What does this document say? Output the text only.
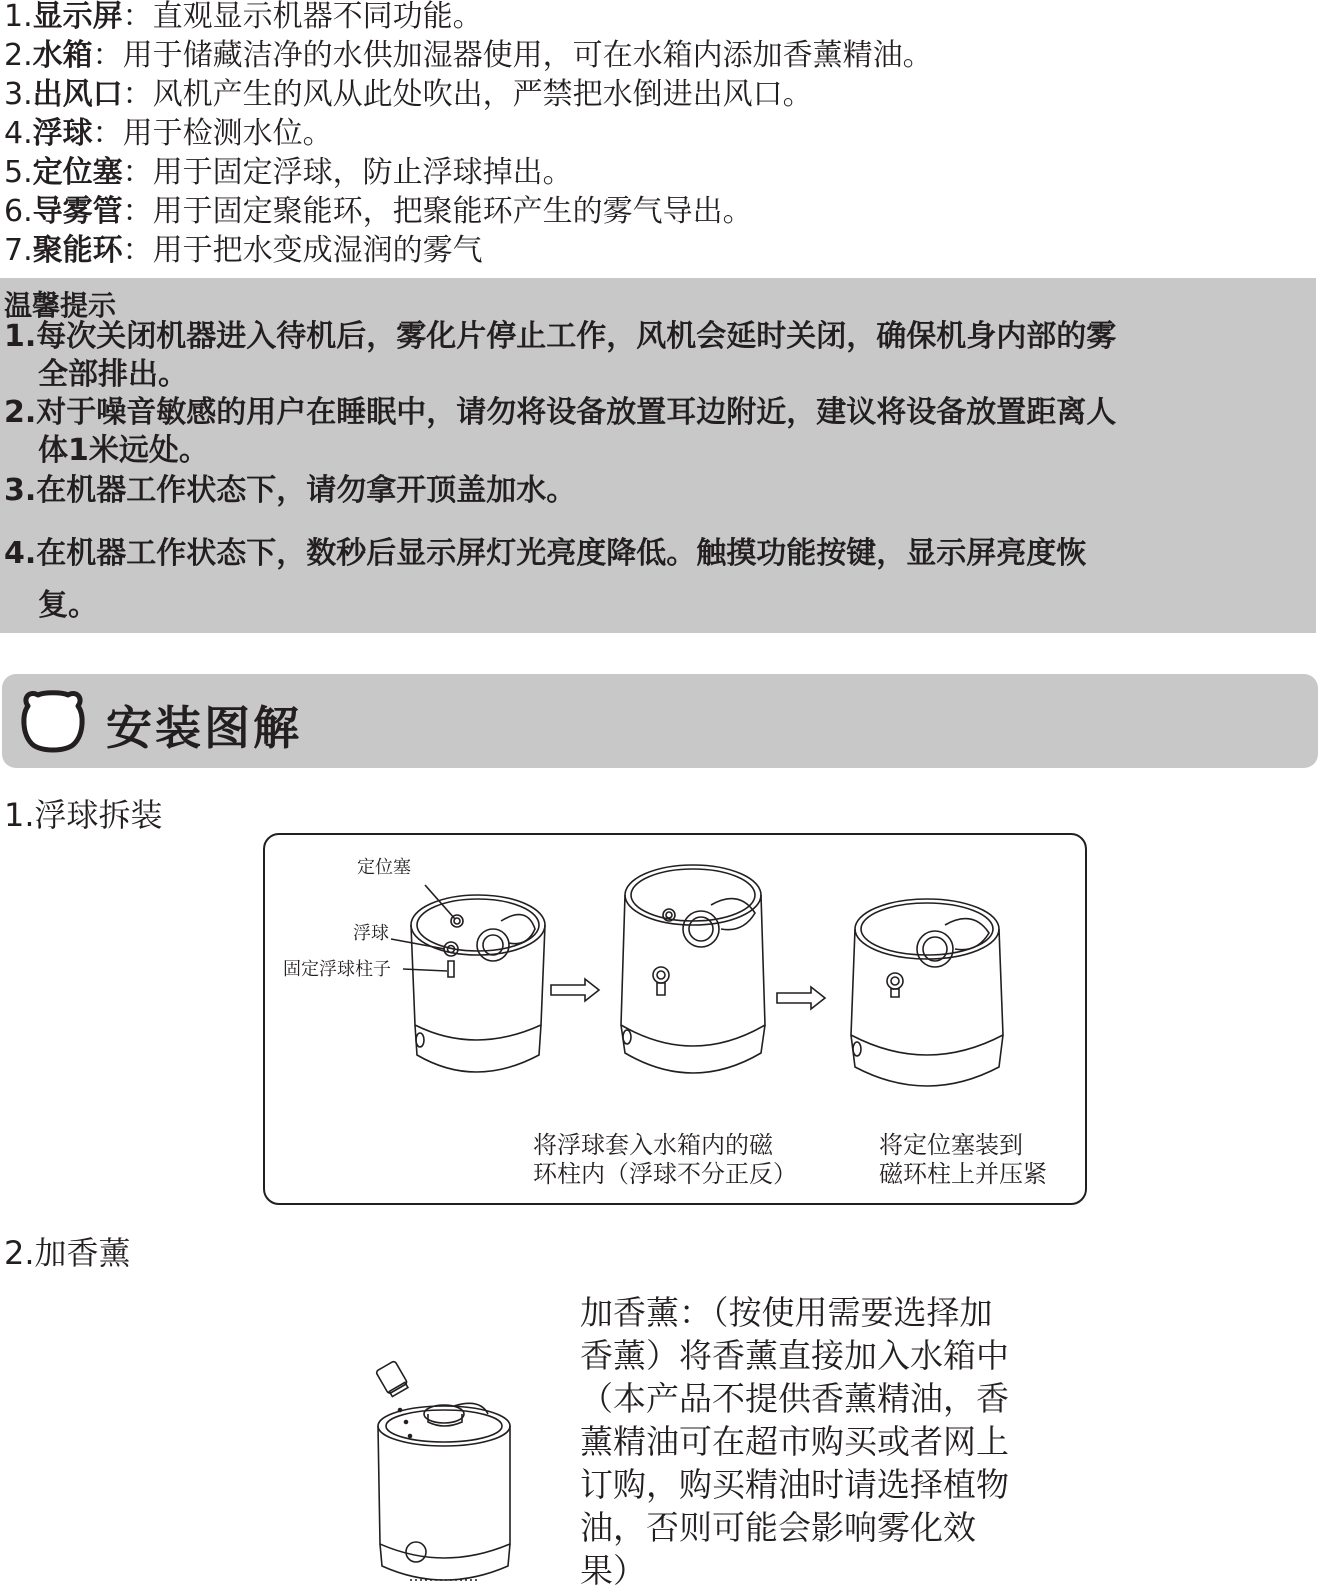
1.显示屏：直观显示机器不同功能。
2.水箱：用于储藏洁净的水供加湿器使用，可在水箱内添加香薰精油。
3.出风口：风机产生的风从此处吹出，严禁把水倒进出风口。
4.浮球：用于检测水位。
5.定位塞：用于固定浮球，防止浮球掉出。
6.导雾管：用于固定聚能环，把聚能环产生的雾气导出。
7.聚能环：用于把水变成湿润的雾气
温馨提示
1.每次关闭机器进入待机后，雾化片停止工作，风机会延时关闭，确保机身内部的雾
全部排出。
2.对于噪音敏感的用户在睡眠中，请勿将设备放置耳边附近，建议将设备放置距离人
体1米远处。
3.在机器工作状态下，请勿拿开顶盖加水。
4.在机器工作状态下，数秒后显示屏灯光亮度降低。触摸功能按键，显示屏亮度恢
复。
安装图解
1.浮球拆装
定位塞
浮球
固定浮球柱子
将浮球套入水箱内的磁
环柱内（浮球不分正反）
将定位塞装到
磁环柱上并压紧
2.加香薰
加香薰：（按使用需要选择加
香薰）将香薰直接加入水箱中
（本产品不提供香薰精油，香
薰精油可在超市购买或者网上
订购，购买精油时请选择植物
油，否则可能会影响雾化效
果）
